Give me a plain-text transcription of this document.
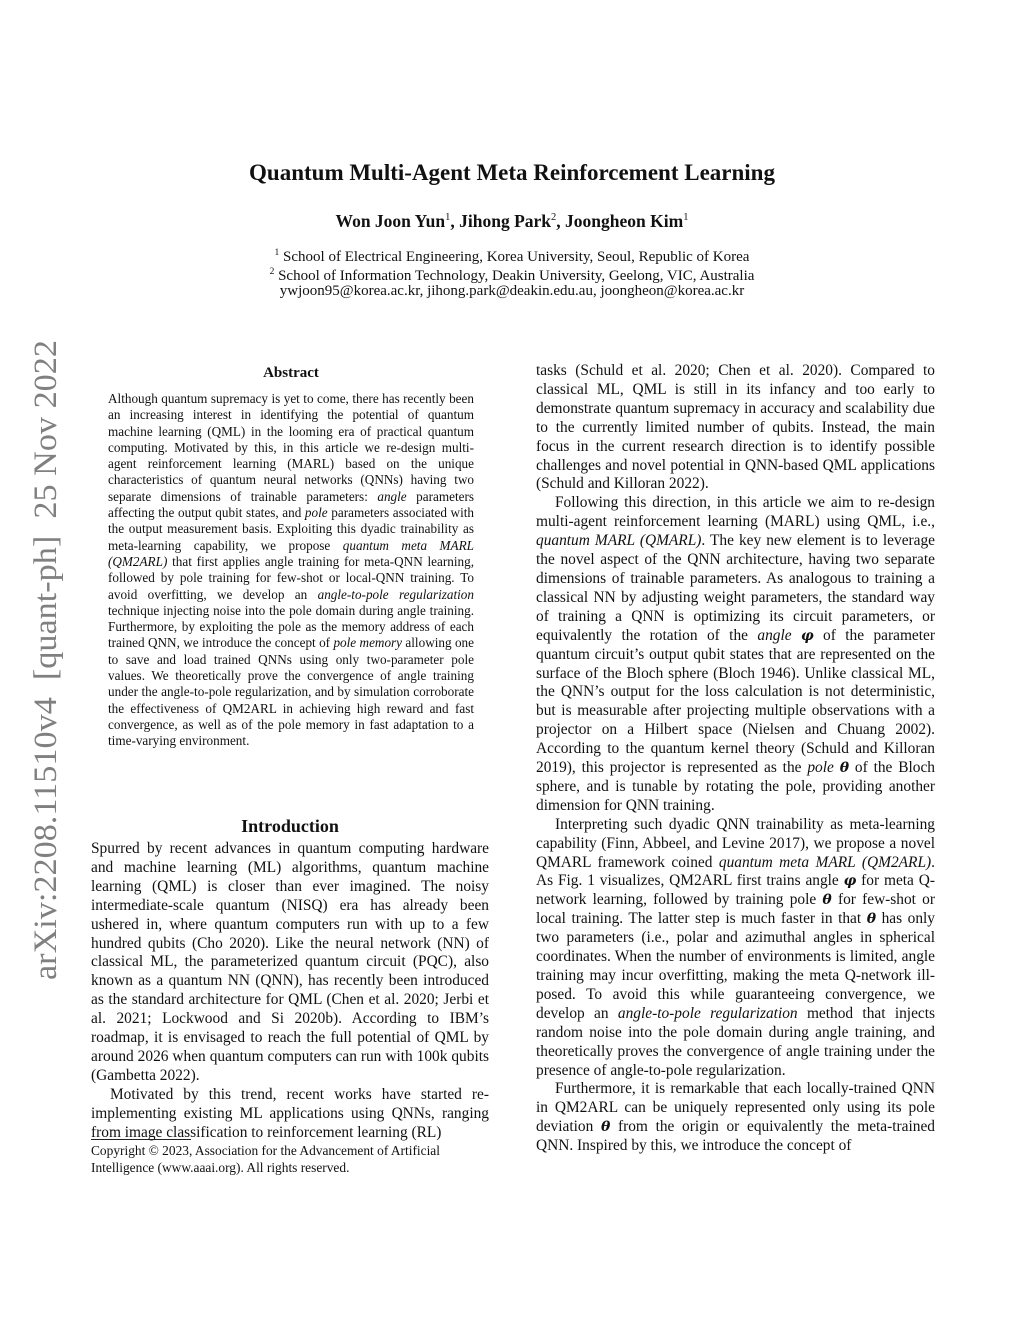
Quantum Multi-Agent Meta Reinforcement Learning
Won Joon Yun$^1$, Jihong Park$^2$, Joongheon Kim$^1$
$^1$ School of Electrical Engineering, Korea University, Seoul, Republic of Korea
$^2$ School of Information Technology, Deakin University, Geelong, VIC, Australia
ywjoon95@korea.ac.kr, jihong.park@deakin.edu.au, joongheon@korea.ac.kr
arXiv:2208.11510v4  [quant-ph]  25 Nov 2022	Abstract

Although quantum supremacy is yet to come, there has recently been an increasing interest in identifying the potential of quantum machine learning (QML) in the looming era of practical quantum computing. Motivated by this, in this article we re-design multi-agent reinforcement learning (MARL) based on the unique characteristics of quantum neural networks (QNNs) having two separate dimensions of trainable parameters: angle parameters affecting the output qubit states, and pole parameters associated with the output measurement basis. Exploiting this dyadic trainability as meta-learning capability, we propose quantum meta MARL (QM2ARL) that first applies angle training for meta-QNN learning, followed by pole training for few-shot or local-QNN training. To avoid overfitting, we develop an angle-to-pole regularization technique injecting noise into the pole domain during angle training. Furthermore, by exploiting the pole as the memory address of each trained QNN, we introduce the concept of pole memory allowing one to save and load trained QNNs using only two-parameter pole values. We theoretically prove the convergence of angle training under the angle-to-pole regularization, and by simulation corroborate the effectiveness of QM2ARL in achieving high reward and fast convergence, as well as of the pole memory in fast adaptation to a time-varying environment.

Introduction

Spurred by recent advances in quantum computing hardware and machine learning (ML) algorithms, quantum machine learning (QML) is closer than ever imagined. The noisy intermediate-scale quantum (NISQ) era has already been ushered in, where quantum computers run with up to a few hundred qubits (Cho 2020). Like the neural network (NN) of classical ML, the parameterized quantum circuit (PQC), also known as a quantum NN (QNN), has recently been introduced as the standard architecture for QML (Chen et al. 2020; Jerbi et al. 2021; Lockwood and Si 2020b). According to IBM’s roadmap, it is envisaged to reach the full potential of QML by around 2026 when quantum computers can run with 100k qubits (Gambetta 2022).

Motivated by this trend, recent works have started re-implementing existing ML applications using QNNs, ranging from image classification to reinforcement learning (RL)

Copyright © 2023, Association for the Advancement of Artificial

Intelligence (www.aaai.org). All rights reserved.

tasks (Schuld et al. 2020; Chen et al. 2020). Compared to classical ML, QML is still in its infancy and too early to demonstrate quantum supremacy in accuracy and scalability due to the currently limited number of qubits. Instead, the main focus in the current research direction is to identify possible challenges and novel potential in QNN-based QML applications (Schuld and Killoran 2022).

Following this direction, in this article we aim to re-design multi-agent reinforcement learning (MARL) using QML, i.e., quantum MARL (QMARL). The key new element is to leverage the novel aspect of the QNN architecture, having two separate dimensions of trainable parameters. As analogous to training a classical NN by adjusting weight parameters, the standard way of training a QNN is optimizing its circuit parameters, or equivalently the rotation of the angle φ of the parameter quantum circuit’s output qubit states that are represented on the surface of the Bloch sphere (Bloch 1946). Unlike classical ML, the QNN’s output for the loss calculation is not deterministic, but is measurable after projecting multiple observations with a projector on a Hilbert space (Nielsen and Chuang 2002). According to the quantum kernel theory (Schuld and Killoran 2019), this projector is represented as the pole θ of the Bloch sphere, and is tunable by rotating the pole, providing another dimension for QNN training.

Interpreting such dyadic QNN trainability as meta-learning capability (Finn, Abbeel, and Levine 2017), we propose a novel QMARL framework coined quantum meta MARL (QM2ARL). As Fig. 1 visualizes, QM2ARL first trains angle φ for meta Q-network learning, followed by training pole θ for few-shot or local training. The latter step is much faster in that θ has only two parameters (i.e., polar and azimuthal angles in spherical coordinates. When the number of environments is limited, angle training may incur overfitting, making the meta Q-network ill-posed. To avoid this while guaranteeing convergence, we develop an angle-to-pole regularization method that injects random noise into the pole domain during angle training, and theoretically proves the convergence of angle training under the presence of angle-to-pole regularization.

Furthermore, it is remarkable that each locally-trained QNN in QM2ARL can be uniquely represented only using its pole deviation θ from the origin or equivalently the meta-trained QNN. Inspired by this, we introduce the concept of
